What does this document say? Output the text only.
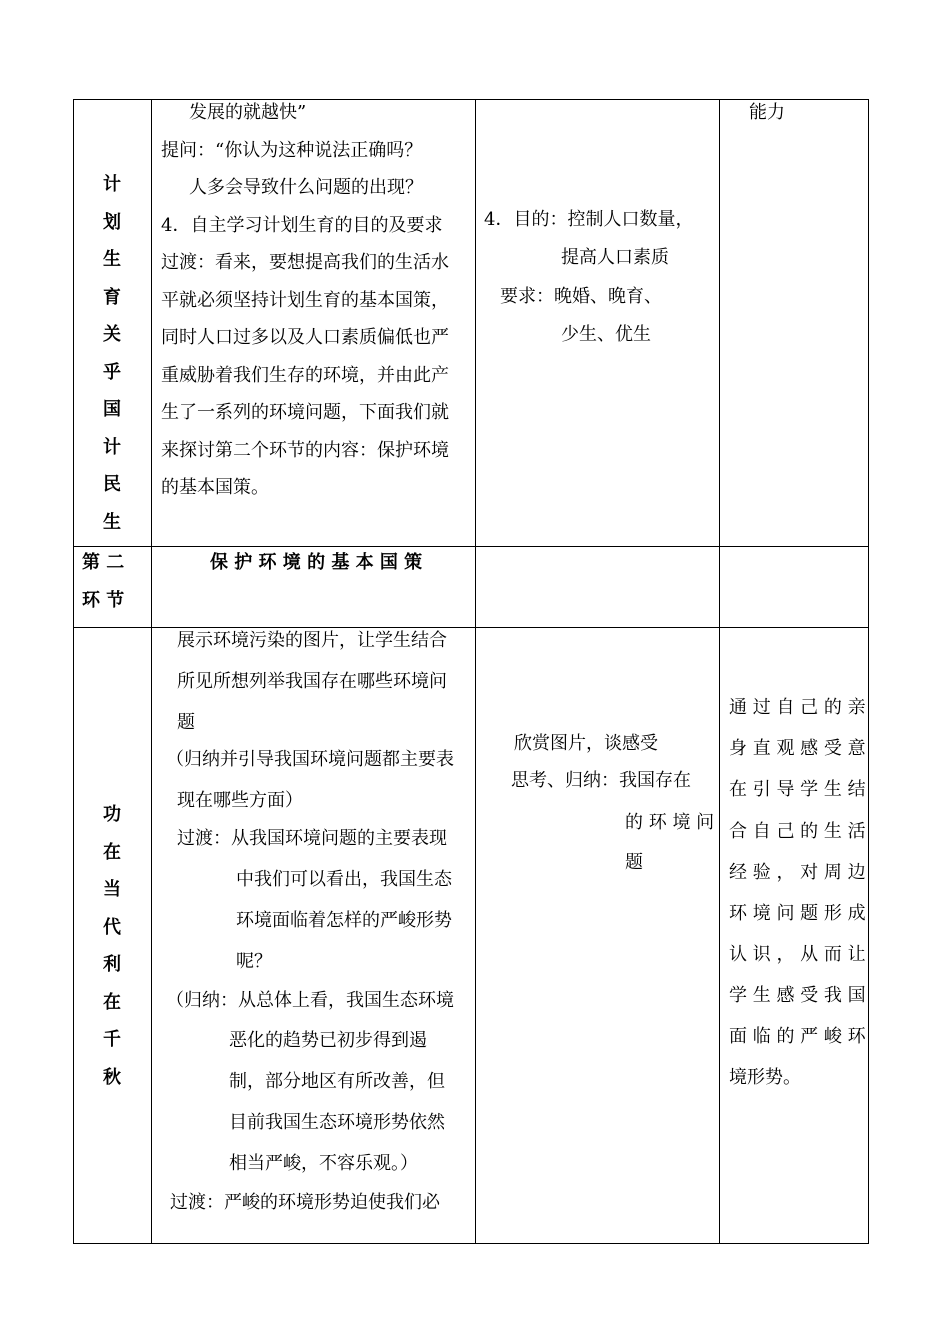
计
划
生
育
关
乎
国
计
民
生
发展的就越快”
提问：“你认为这种说法正确吗？
人多会导致什么问题的出现？
4．自主学习计划生育的目的及要求
过渡：看来，要想提高我们的生活水
平就必须坚持计划生育的基本国策，
同时人口过多以及人口素质偏低也严
重威胁着我们生存的环境，并由此产
生了一系列的环境问题，下面我们就
来探讨第二个环节的内容：保护环境
的基本国策。
4．目的：控制人口数量，
提高人口素质
要求：晚婚、晚育、
少生、优生
能力
第 二
环 节
保 护 环 境 的 基 本 国 策
功
在
当
代
利
在
千
秋
展示环境污染的图片，让学生结合
所见所想列举我国存在哪些环境问
题
（归纳并引导我国环境问题都主要表
现在哪些方面）
过渡：从我国环境问题的主要表现
中我们可以看出，我国生态
环境面临着怎样的严峻形势
呢？
（归纳：从总体上看，我国生态环境
恶化的趋势已初步得到遏
制，部分地区有所改善，但
目前我国生态环境形势依然
相当严峻，不容乐观。）
过渡：严峻的环境形势迫使我们必
欣赏图片，谈感受
思考、归纳：我国存在
的 环 境 问
题
通 过 自 己 的 亲
身 直 观 感 受 意
在 引 导 学 生 结
合 自 己 的 生 活
经 验 ， 对 周 边
环 境 问 题 形 成
认 识 ， 从 而 让
学 生 感 受 我 国
面 临 的 严 峻 环
境形势。
